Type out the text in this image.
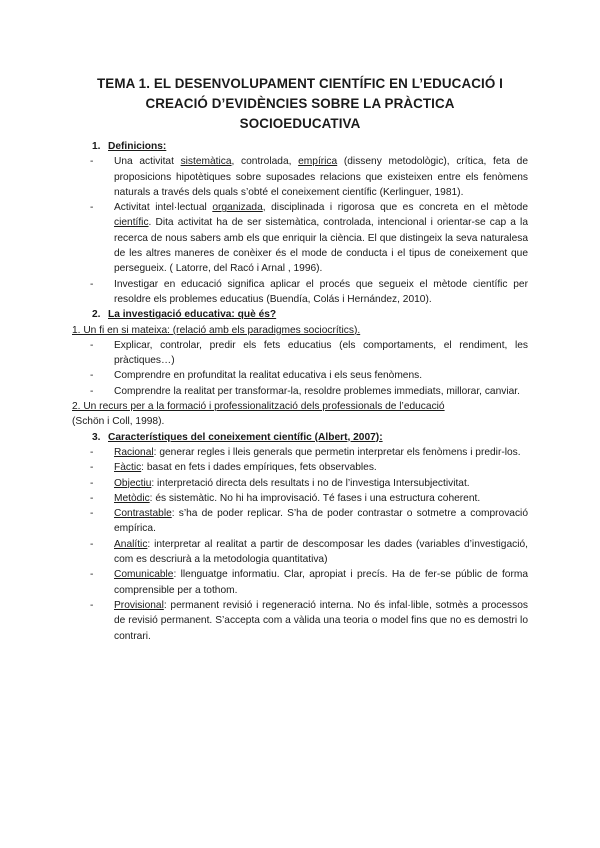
TEMA 1. EL DESENVOLUPAMENT CIENTÍFIC EN L’EDUCACIÓ I
CREACIÓ D’EVIDÈNCIES SOBRE LA PRÀCTICA
SOCIOEDUCATIVA

1. Definicions:

- Una activitat sistemàtica, controlada, empírica (disseny metodològic), crítica, feta de proposicions hipotètiques sobre suposades relacions que existeixen entre els fenòmens naturals a través dels quals s’obté el coneixement científic (Kerlinguer, 1981).
- Activitat intel·lectual organizada, disciplinada i rigorosa que es concreta en el mètode científic. Dita activitat ha de ser sistemàtica, controlada, intencional i orientar-se cap a la recerca de nous sabers amb els que enriquir la ciència. El que distingeix la seva naturalesa de les altres maneres de conèixer és el mode de conducta i el tipus de coneixement que persegueix. ( Latorre, del Racó i Arnal , 1996).
- Investigar en educació significa aplicar el procés que segueix el mètode científic per resoldre els problemes educatius (Buendía, Colás i Hernández, 2010).

2. La investigació educativa: què és?

1. Un fi en si mateixa: (relació amb els paradigmes sociocrítics).

- Explicar, controlar, predir els fets educatius (els comportaments, el rendiment, les pràctiques…)
- Comprendre en profunditat la realitat educativa i els seus fenòmens.
- Comprendre la realitat per transformar-la, resoldre problemes immediats, millorar, canviar.

2. Un recurs per a la formació i professionalització dels professionals de l’educació
(Schön i Coll, 1998).

3. Característiques del coneixement científic (Albert, 2007):

- Racional: generar regles i lleis generals que permetin interpretar els fenòmens i predir-los.
- Fàctic: basat en fets i dades empíriques, fets observables.
- Objectiu: interpretació directa dels resultats i no de l’investiga Intersubjectivitat.
- Metòdic: és sistemàtic. No hi ha improvisació. Té fases i una estructura coherent.
- Contrastable: s’ha de poder replicar. S’ha de poder contrastar o sotmetre a comprovació empírica.
- Analític: interpretar al realitat a partir de descomposar les dades (variables d’investigació, com es descriurà a la metodologia quantitativa)
- Comunicable: llenguatge informatiu. Clar, apropiat i precís. Ha de fer-se públic de forma comprensible per a tothom.
- Provisional: permanent revisió i regeneració interna. No és infal·lible, sotmès a processos de revisió permanent. S’accepta com a vàlida una teoria o model fins que no es demostri lo contrari.
